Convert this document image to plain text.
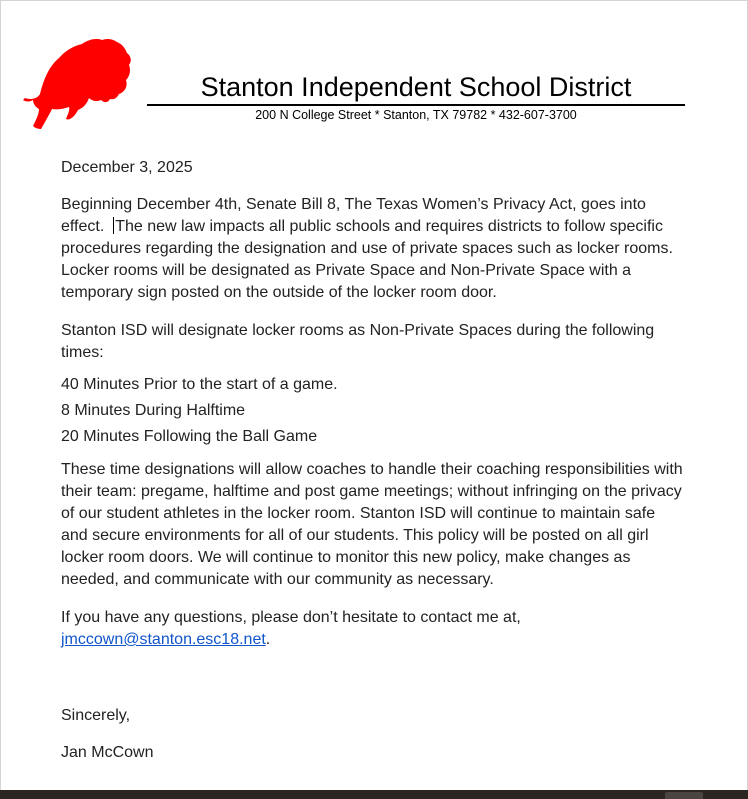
Stanton Independent School District
200 N College Street * Stanton, TX 79782 * 432-607-3700
December 3, 2025
Beginning December 4th, Senate Bill 8, The Texas Women’s Privacy Act, goes into
effect.  The new law impacts all public schools and requires districts to follow specific
procedures regarding the designation and use of private spaces such as locker rooms.
Locker rooms will be designated as Private Space and Non-Private Space with a
temporary sign posted on the outside of the locker room door.
Stanton ISD will designate locker rooms as Non-Private Spaces during the following
times:
40 Minutes Prior to the start of a game.
8 Minutes During Halftime
20 Minutes Following the Ball Game
These time designations will allow coaches to handle their coaching responsibilities with
their team: pregame, halftime and post game meetings; without infringing on the privacy
of our student athletes in the locker room. Stanton ISD will continue to maintain safe
and secure environments for all of our students. This policy will be posted on all girl
locker room doors. We will continue to monitor this new policy, make changes as
needed, and communicate with our community as necessary.
If you have any questions, please don’t hesitate to contact me at,
jmccown@stanton.esc18.net.
Sincerely,
Jan McCown
